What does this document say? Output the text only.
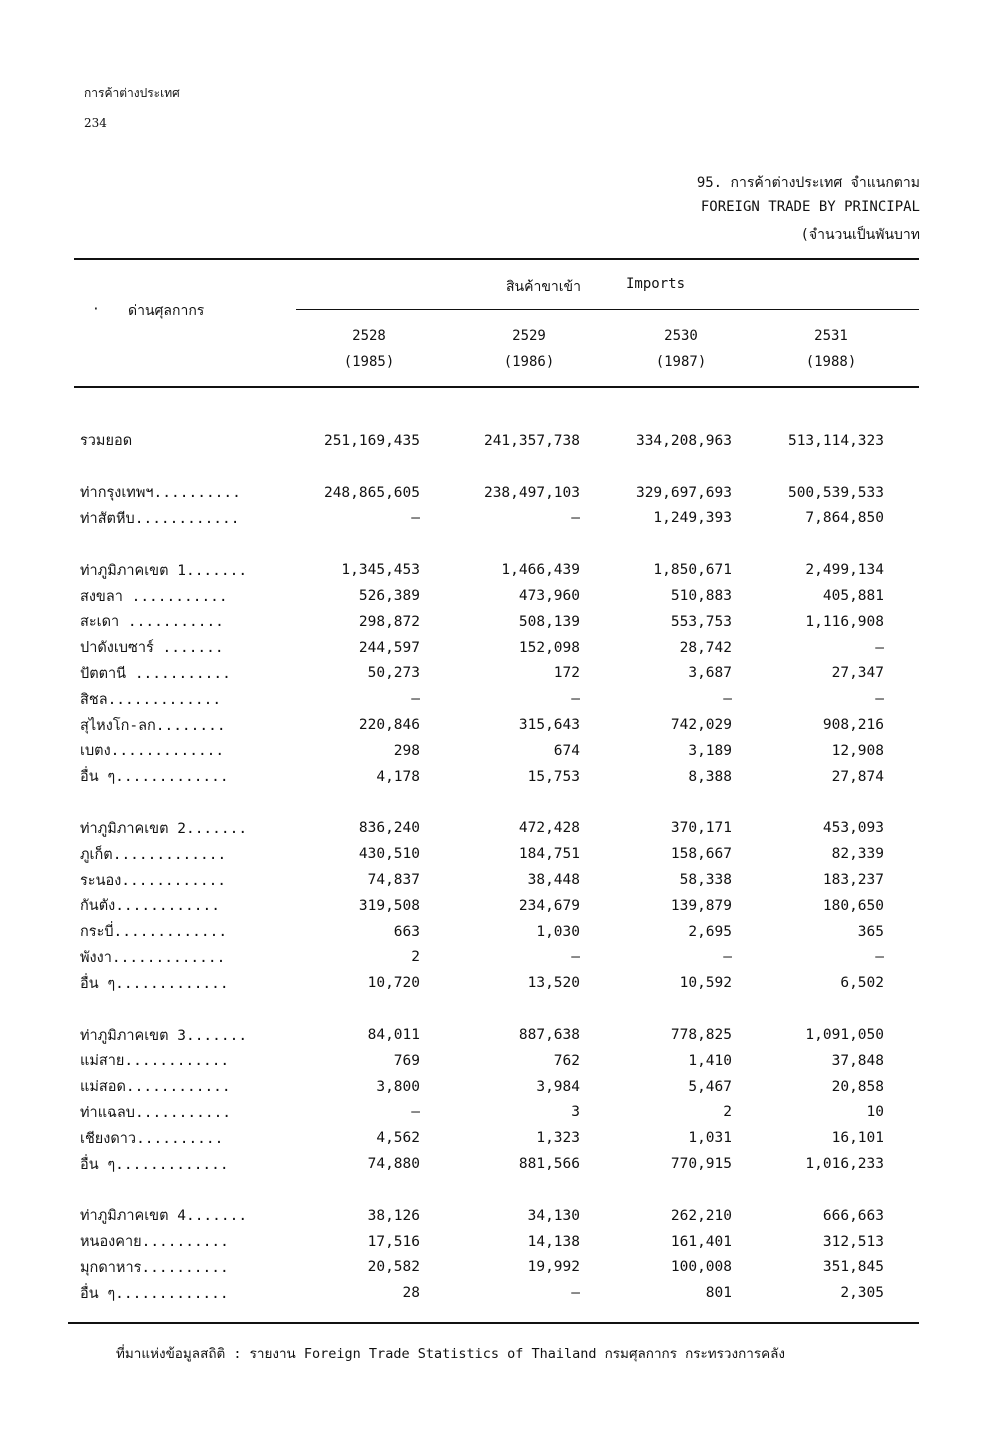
การค้าต่างประเทศ
234
95. การค้าต่างประเทศ จำแนกตาม
FOREIGN TRADE BY PRINCIPAL
(จำนวนเป็นพันบาท
· ด่านศุลกากร
สินค้าขาเข้า	Imports
2528
(1985)
2529
(1986)
2530
(1987)
2531
(1988)
รวมยอด	251,169,435	241,357,738	334,208,963	513,114,323

ท่ากรุงเทพฯ..........	248,865,605	238,497,103	329,697,693	500,539,533
ท่าสัตหีบ............	–	–	1,249,393	7,864,850

ท่าภูมิภาคเขต 1.......	1,345,453	1,466,439	1,850,671	2,499,134
สงขลา ...........	526,389	473,960	510,883	405,881
สะเดา ...........	298,872	508,139	553,753	1,116,908
ปาดังเบซาร์ .......	244,597	152,098	28,742	–
ปัตตานี ...........	50,273	172	3,687	27,347
สิชล.............	–	–	–	–
สุไหงโก-ลก........	220,846	315,643	742,029	908,216
เบตง.............	298	674	3,189	12,908
อื่น ๆ.............	4,178	15,753	8,388	27,874

ท่าภูมิภาคเขต 2.......	836,240	472,428	370,171	453,093
ภูเก็ต.............	430,510	184,751	158,667	82,339
ระนอง............	74,837	38,448	58,338	183,237
กันตัง............	319,508	234,679	139,879	180,650
กระบี่.............	663	1,030	2,695	365
พังงา.............	2	–	–	–
อื่น ๆ.............	10,720	13,520	10,592	6,502

ท่าภูมิภาคเขต 3.......	84,011	887,638	778,825	1,091,050
แม่สาย............	769	762	1,410	37,848
แม่สอด............	3,800	3,984	5,467	20,858
ท่าแฉลบ...........	–	3	2	10
เชียงดาว..........	4,562	1,323	1,031	16,101
อื่น ๆ.............	74,880	881,566	770,915	1,016,233

ท่าภูมิภาคเขต 4.......	38,126	34,130	262,210	666,663
หนองคาย..........	17,516	14,138	161,401	312,513
มุกดาหาร..........	20,582	19,992	100,008	351,845
อื่น ๆ.............	28	–	801	2,305
ที่มาแห่งข้อมูลสถิติ : รายงาน Foreign Trade Statistics of Thailand กรมศุลกากร กระทรวงการคลัง
